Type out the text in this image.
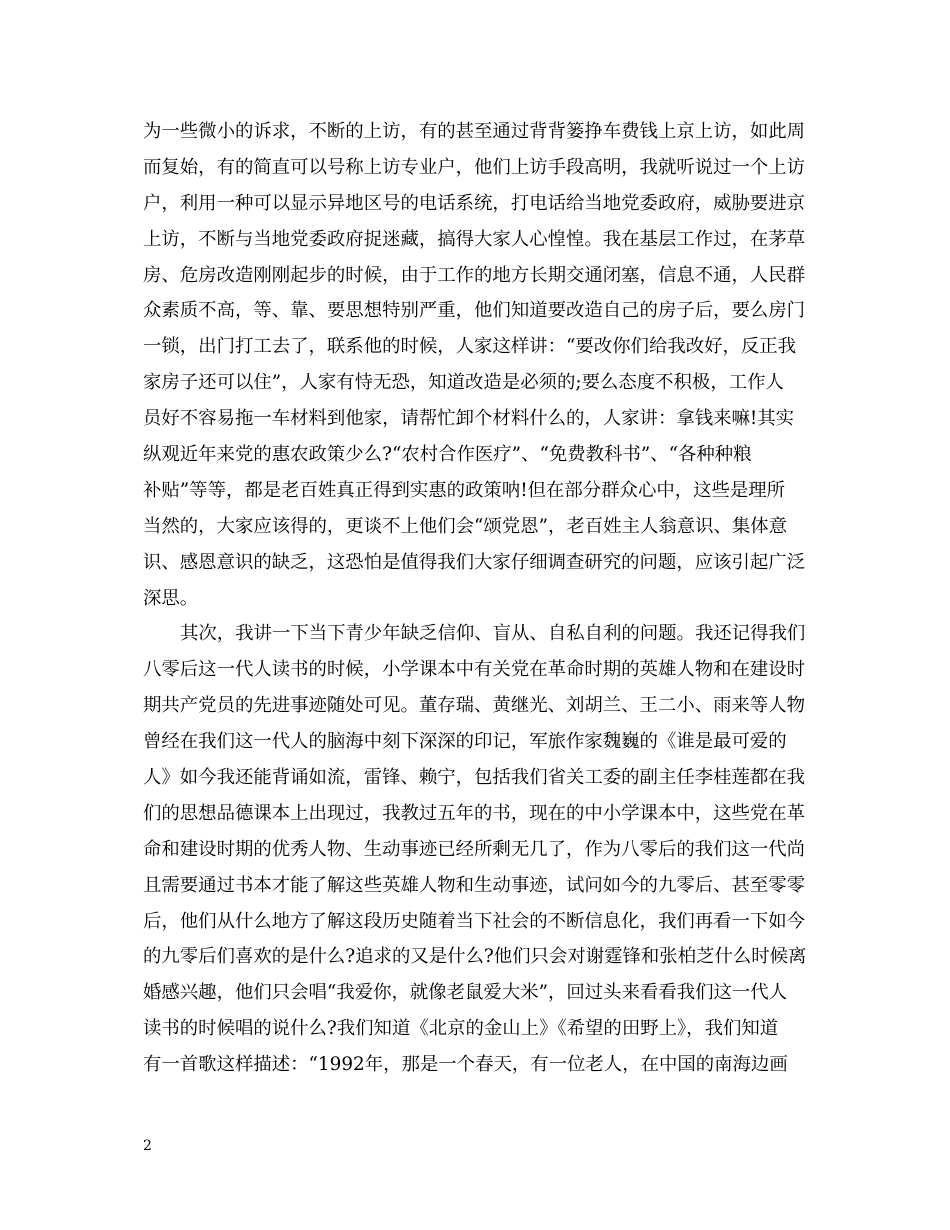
为一些微小的诉求，不断的上访，有的甚至通过背背篓挣车费钱上京上访，如此周
而复始，有的简直可以号称上访专业户，他们上访手段高明，我就听说过一个上访
户，利用一种可以显示异地区号的电话系统，打电话给当地党委政府，威胁要进京
上访，不断与当地党委政府捉迷藏，搞得大家人心惶惶。我在基层工作过，在茅草
房、危房改造刚刚起步的时候，由于工作的地方长期交通闭塞，信息不通，人民群
众素质不高，等、靠、要思想特别严重，他们知道要改造自己的房子后，要么房门
一锁，出门打工去了，联系他的时候，人家这样讲：“要改你们给我改好，反正我
家房子还可以住”，人家有恃无恐，知道改造是必须的;要么态度不积极，工作人
员好不容易拖一车材料到他家，请帮忙卸个材料什么的，人家讲：拿钱来嘛!其实
纵观近年来党的惠农政策少么?“农村合作医疗”、“免费教科书”、“各种种粮
补贴”等等，都是老百姓真正得到实惠的政策呐!但在部分群众心中，这些是理所
当然的，大家应该得的，更谈不上他们会“颂党恩”，老百姓主人翁意识、集体意
识、感恩意识的缺乏，这恐怕是值得我们大家仔细调查研究的问题，应该引起广泛
深思。
其次，我讲一下当下青少年缺乏信仰、盲从、自私自利的问题。我还记得我们
八零后这一代人读书的时候，小学课本中有关党在革命时期的英雄人物和在建设时
期共产党员的先进事迹随处可见。董存瑞、黄继光、刘胡兰、王二小、雨来等人物
曾经在我们这一代人的脑海中刻下深深的印记，军旅作家魏巍的《谁是最可爱的
人》如今我还能背诵如流，雷锋、赖宁，包括我们省关工委的副主任李桂莲都在我
们的思想品德课本上出现过，我教过五年的书，现在的中小学课本中，这些党在革
命和建设时期的优秀人物、生动事迹已经所剩无几了，作为八零后的我们这一代尚
且需要通过书本才能了解这些英雄人物和生动事迹，试问如今的九零后、甚至零零
后，他们从什么地方了解这段历史随着当下社会的不断信息化，我们再看一下如今
的九零后们喜欢的是什么?追求的又是什么?他们只会对谢霆锋和张柏芝什么时候离
婚感兴趣，他们只会唱“我爱你，就像老鼠爱大米”，回过头来看看我们这一代人
读书的时候唱的说什么?我们知道《北京的金山上》《希望的田野上》，我们知道
有一首歌这样描述：“1992年，那是一个春天，有一位老人，在中国的南海边画
2
